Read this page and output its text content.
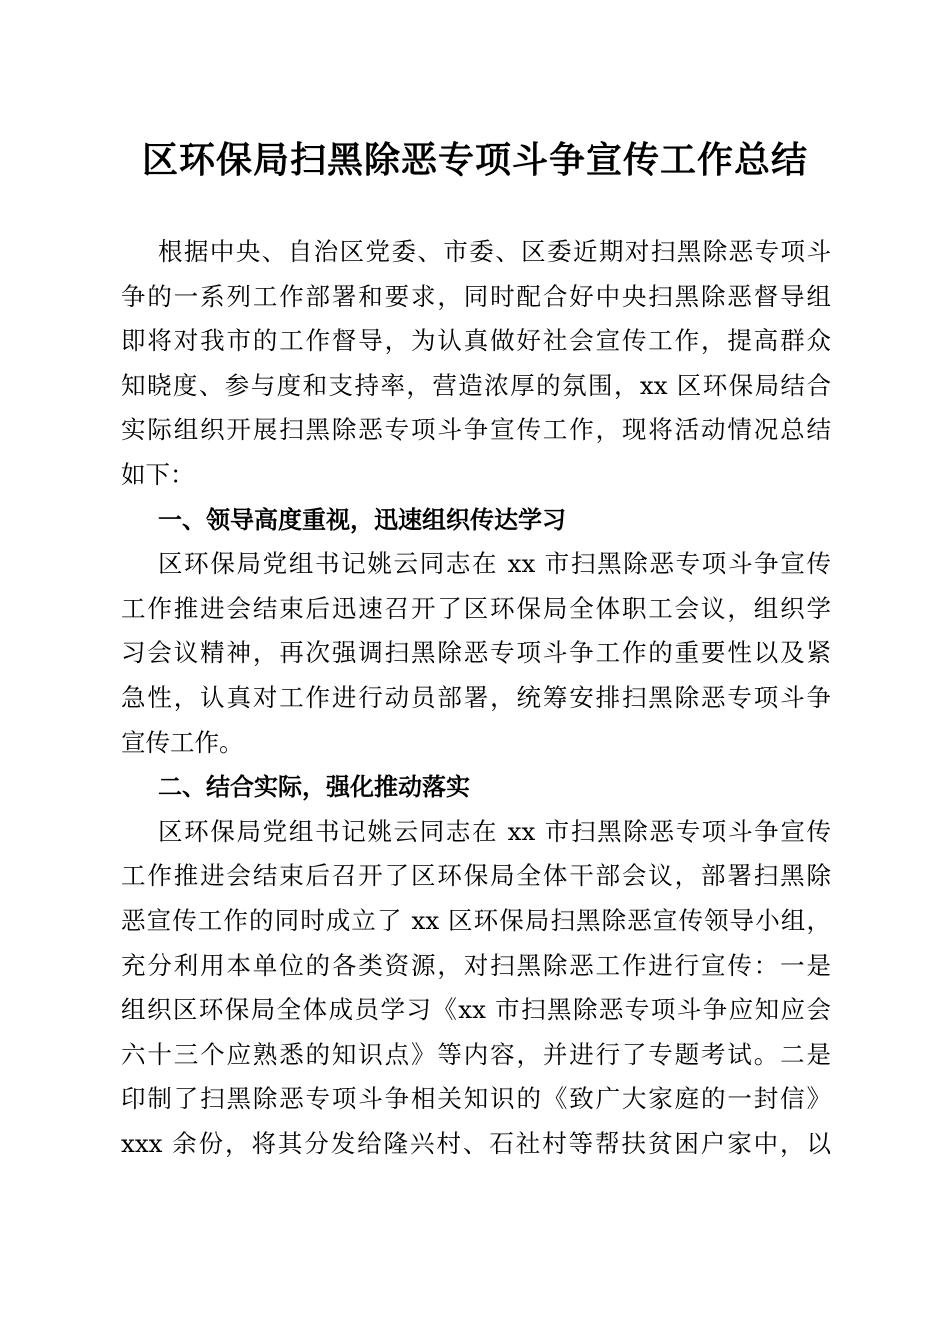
区环保局扫黑除恶专项斗争宣传工作总结
根据中央、自治区党委、市委、区委近期对扫黑除恶专项斗
争的一系列工作部署和要求，同时配合好中央扫黑除恶督导组
即将对我市的工作督导，为认真做好社会宣传工作，提高群众
知晓度、参与度和支持率，营造浓厚的氛围，xx 区环保局结合
实际组织开展扫黑除恶专项斗争宣传工作，现将活动情况总结
如下：
一、领导高度重视，迅速组织传达学习
区环保局党组书记姚云同志在 xx 市扫黑除恶专项斗争宣传
工作推进会结束后迅速召开了区环保局全体职工会议，组织学
习会议精神，再次强调扫黑除恶专项斗争工作的重要性以及紧
急性，认真对工作进行动员部署，统筹安排扫黑除恶专项斗争
宣传工作。
二、结合实际，强化推动落实
区环保局党组书记姚云同志在 xx 市扫黑除恶专项斗争宣传
工作推进会结束后召开了区环保局全体干部会议，部署扫黑除
恶宣传工作的同时成立了 xx 区环保局扫黑除恶宣传领导小组，
充分利用本单位的各类资源，对扫黑除恶工作进行宣传：一是
组织区环保局全体成员学习《xx 市扫黑除恶专项斗争应知应会
六十三个应熟悉的知识点》等内容，并进行了专题考试。二是
印制了扫黑除恶专项斗争相关知识的《致广大家庭的一封信》
xxx 余份，将其分发给隆兴村、石社村等帮扶贫困户家中，以
